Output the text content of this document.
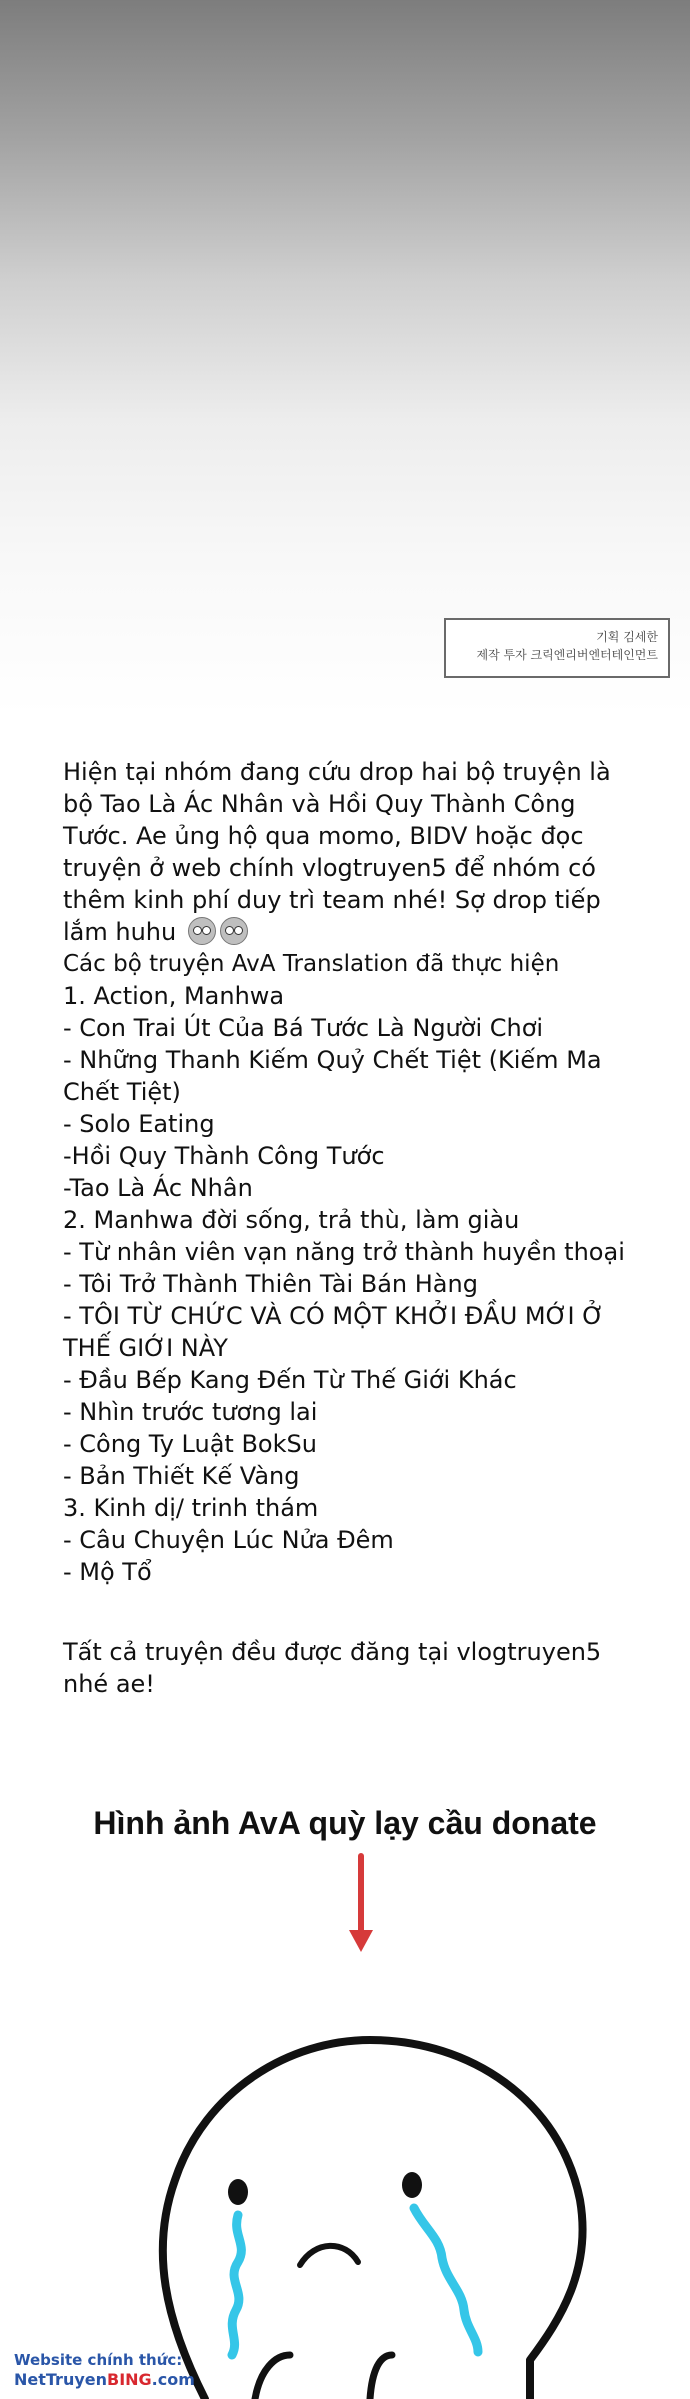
기획 김세한
제작 투자 크릭엔리버엔터테인먼트

Hiện tại nhóm đang cứu drop hai bộ truyện là bộ Tao Là Ác Nhân và Hồi Quy Thành Công Tước. Ae ủng hộ qua momo, BIDV hoặc đọc truyện ở web chính vlogtruyen5 để nhóm có thêm kinh phí duy trì team nhé! Sợ drop tiếp lắm huhu

Các bộ truyện AvA Translation đã thực hiện

1. Action, Manhwa

- Con Trai Út Của Bá Tước Là Người Chơi

- Những Thanh Kiếm Quỷ Chết Tiệt (Kiếm Ma Chết Tiệt)

- Solo Eating

-Hồi Quy Thành Công Tước

-Tao Là Ác Nhân

2. Manhwa đời sống, trả thù, làm giàu

- Từ nhân viên vạn năng trở thành huyền thoại

- Tôi Trở Thành Thiên Tài Bán Hàng

- TÔI TỪ CHỨC VÀ CÓ MỘT KHỞI ĐẦU MỚI Ở THẾ GIỚI NÀY

- Đầu Bếp Kang Đến Từ Thế Giới Khác

- Nhìn trước tương lai

- Công Ty Luật BokSu

- Bản Thiết Kế Vàng

3. Kinh dị/ trinh thám

- Câu Chuyện Lúc Nửa Đêm

- Mộ Tổ

Tất cả truyện đều được đăng tại vlogtruyen5 nhé ae!
Hình ảnh AvA quỳ lạy cầu donate
Website chính thức:
NetTruyenBING.com
